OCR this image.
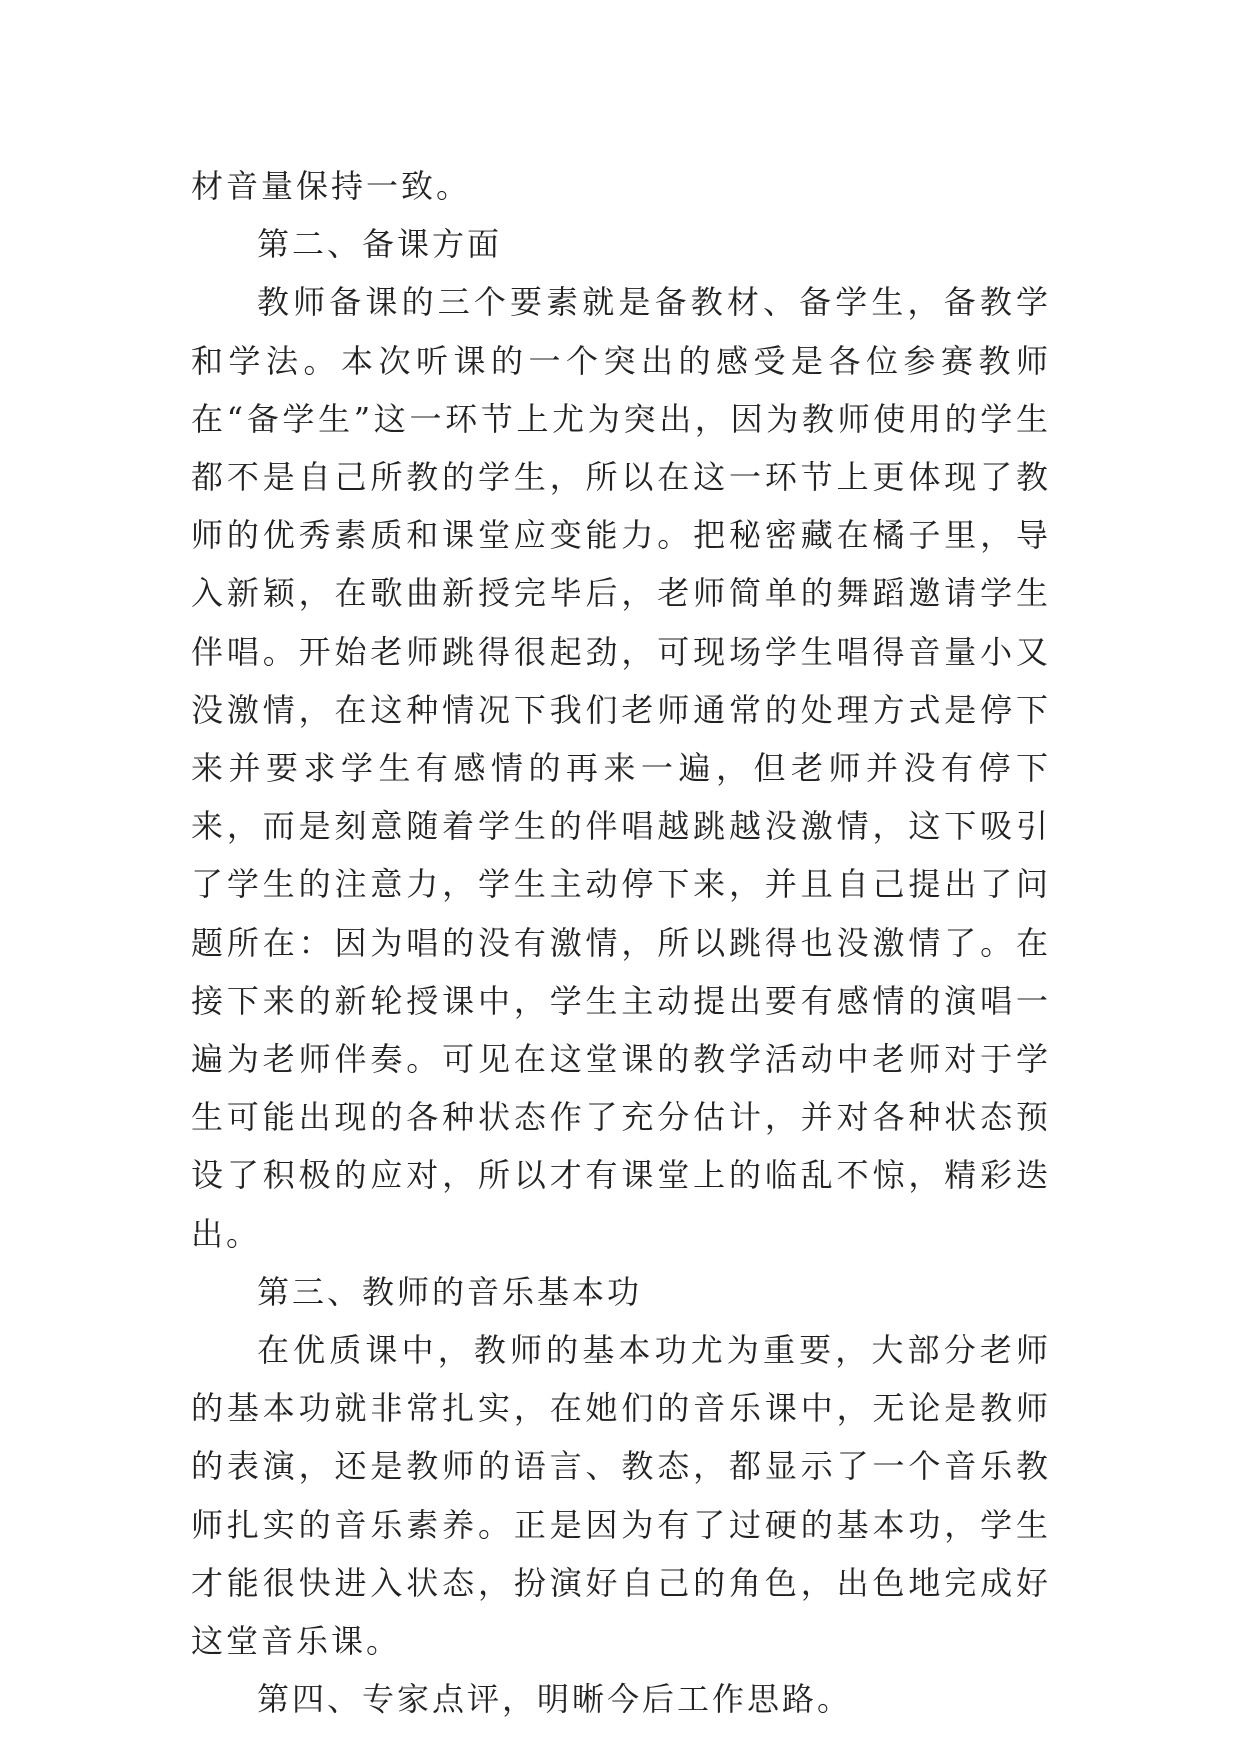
材音量保持一致。

第二、备课方面

教师备课的三个要素就是备教材、备学生，备教学和学法。本次听课的一个突出的感受是各位参赛教师在“备学生”这一环节上尤为突出，因为教师使用的学生都不是自己所教的学生，所以在这一环节上更体现了教师的优秀素质和课堂应变能力。把秘密藏在橘子里，导入新颖，在歌曲新授完毕后，老师简单的舞蹈邀请学生伴唱。开始老师跳得很起劲，可现场学生唱得音量小又没激情，在这种情况下我们老师通常的处理方式是停下来并要求学生有感情的再来一遍，但老师并没有停下来，而是刻意随着学生的伴唱越跳越没激情，这下吸引了学生的注意力，学生主动停下来，并且自己提出了问题所在：因为唱的没有激情，所以跳得也没激情了。在接下来的新轮授课中，学生主动提出要有感情的演唱一遍为老师伴奏。可见在这堂课的教学活动中老师对于学生可能出现的各种状态作了充分估计，并对各种状态预设了积极的应对，所以才有课堂上的临乱不惊，精彩迭出。

第三、教师的音乐基本功

在优质课中，教师的基本功尤为重要，大部分老师的基本功就非常扎实，在她们的音乐课中，无论是教师的表演，还是教师的语言、教态，都显示了一个音乐教师扎实的音乐素养。正是因为有了过硬的基本功，学生才能很快进入状态，扮演好自己的角色，出色地完成好这堂音乐课。

第四、专家点评，明晰今后工作思路。
